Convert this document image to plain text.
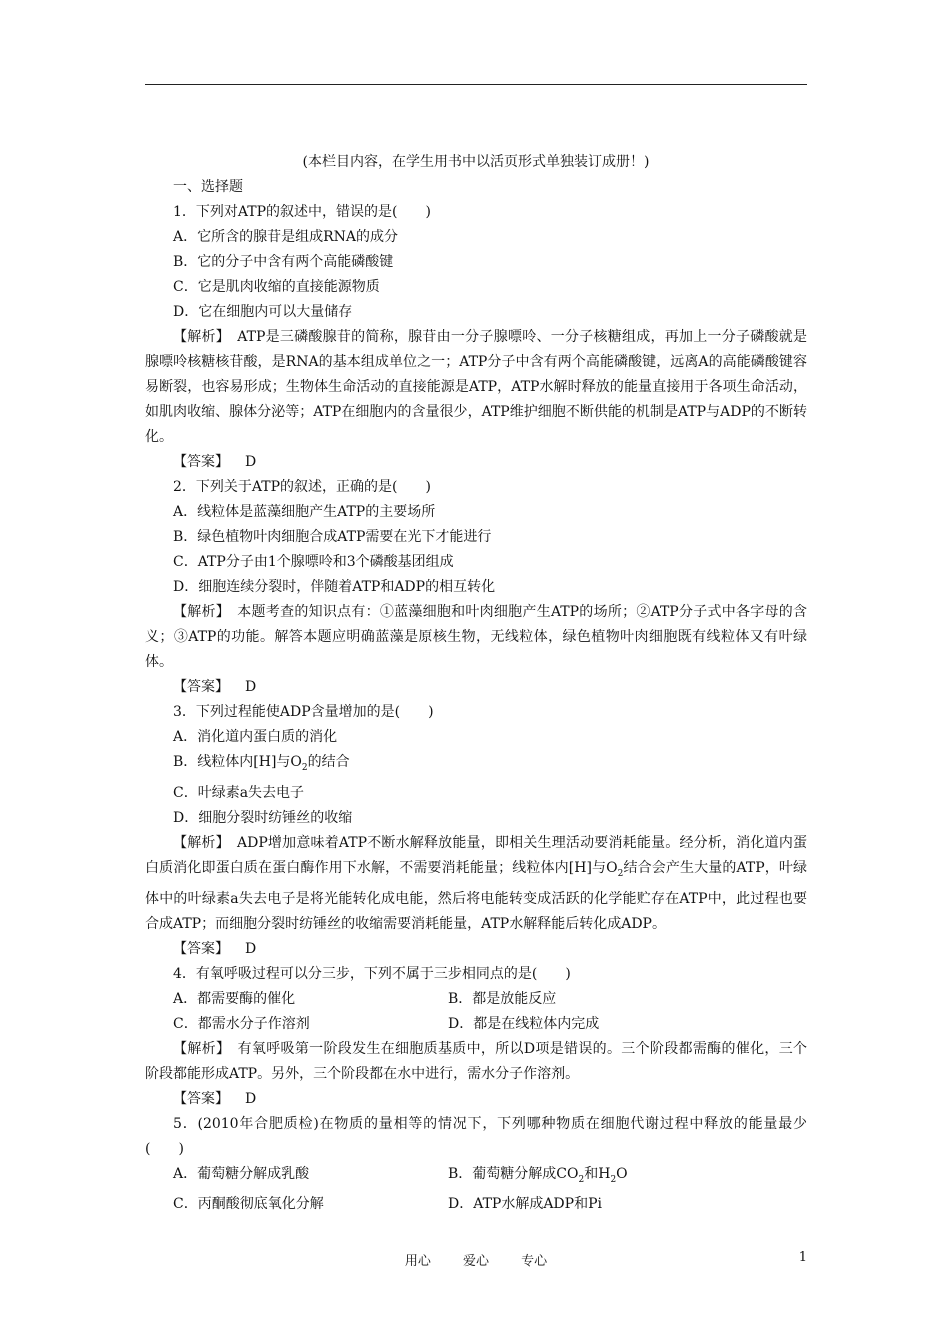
(本栏目内容，在学生用书中以活页形式单独装订成册！)

一、选择题

1．下列对ATP的叙述中，错误的是(　　)

A．它所含的腺苷是组成RNA的成分

B．它的分子中含有两个高能磷酸键

C．它是肌肉收缩的直接能源物质

D．它在细胞内可以大量储存

【解析】　 ATP是三磷酸腺苷的简称，腺苷由一分子腺嘌呤、一分子核糖组成，再加上一分子磷酸就是腺嘌呤核糖核苷酸，是RNA的基本组成单位之一；ATP分子中含有两个高能磷酸键，远离A的高能磷酸键容易断裂，也容易形成；生物体生命活动的直接能源是ATP，ATP水解时释放的能量直接用于各项生命活动，如肌肉收缩、腺体分泌等；ATP在细胞内的含量很少，ATP维护细胞不断供能的机制是ATP与ADP的不断转化。

【答案】 D

2．下列关于ATP的叙述，正确的是(　　)

A．线粒体是蓝藻细胞产生ATP的主要场所

B．绿色植物叶肉细胞合成ATP需要在光下才能进行

C．ATP分子由1个腺嘌呤和3个磷酸基团组成

D．细胞连续分裂时，伴随着ATP和ADP的相互转化

【解析】　 本题考查的知识点有：①蓝藻细胞和叶肉细胞产生ATP的场所；②ATP分子式中各字母的含义；③ATP的功能。解答本题应明确蓝藻是原核生物，无线粒体，绿色植物叶肉细胞既有线粒体又有叶绿体。

【答案】 D

3．下列过程能使ADP含量增加的是(　　)

A．消化道内蛋白质的消化

B．线粒体内[H]与$O_2$的结合

C．叶绿素a失去电子

D．细胞分裂时纺锤丝的收缩

【解析】　 ADP增加意味着ATP不断水解释放能量，即相关生理活动要消耗能量。经分析，消化道内蛋白质消化即蛋白质在蛋白酶作用下水解，不需要消耗能量；线粒体内[H]与$O_2$结合会产生大量的ATP，叶绿体中的叶绿素a失去电子是将光能转化成电能，然后将电能转变成活跃的化学能贮存在ATP中，此过程也要合成ATP；而细胞分裂时纺锤丝的收缩需要消耗能量，ATP水解释能后转化成ADP。

【答案】 D

4．有氧呼吸过程可以分三步，下列不属于三步相同点的是(　　)

A．都需要酶的催化	B．都是放能反应
C．都需水分子作溶剂	D．都是在线粒体内完成

【解析】　 有氧呼吸第一阶段发生在细胞质基质中，所以D项是错误的。三个阶段都需酶的催化，三个阶段都能形成ATP。另外，三个阶段都在水中进行，需水分子作溶剂。

【答案】 D

5．(2010年合肥质检)在物质的量相等的情况下，下列哪种物质在细胞代谢过程中释放的能量最少(　　)

A．葡萄糖分解成乳酸	B．葡萄糖分解成$CO_2$和$H_2O$
C．丙酮酸彻底氧化分解	D．ATP水解成ADP和Pi
用心 爱心 专心	1
